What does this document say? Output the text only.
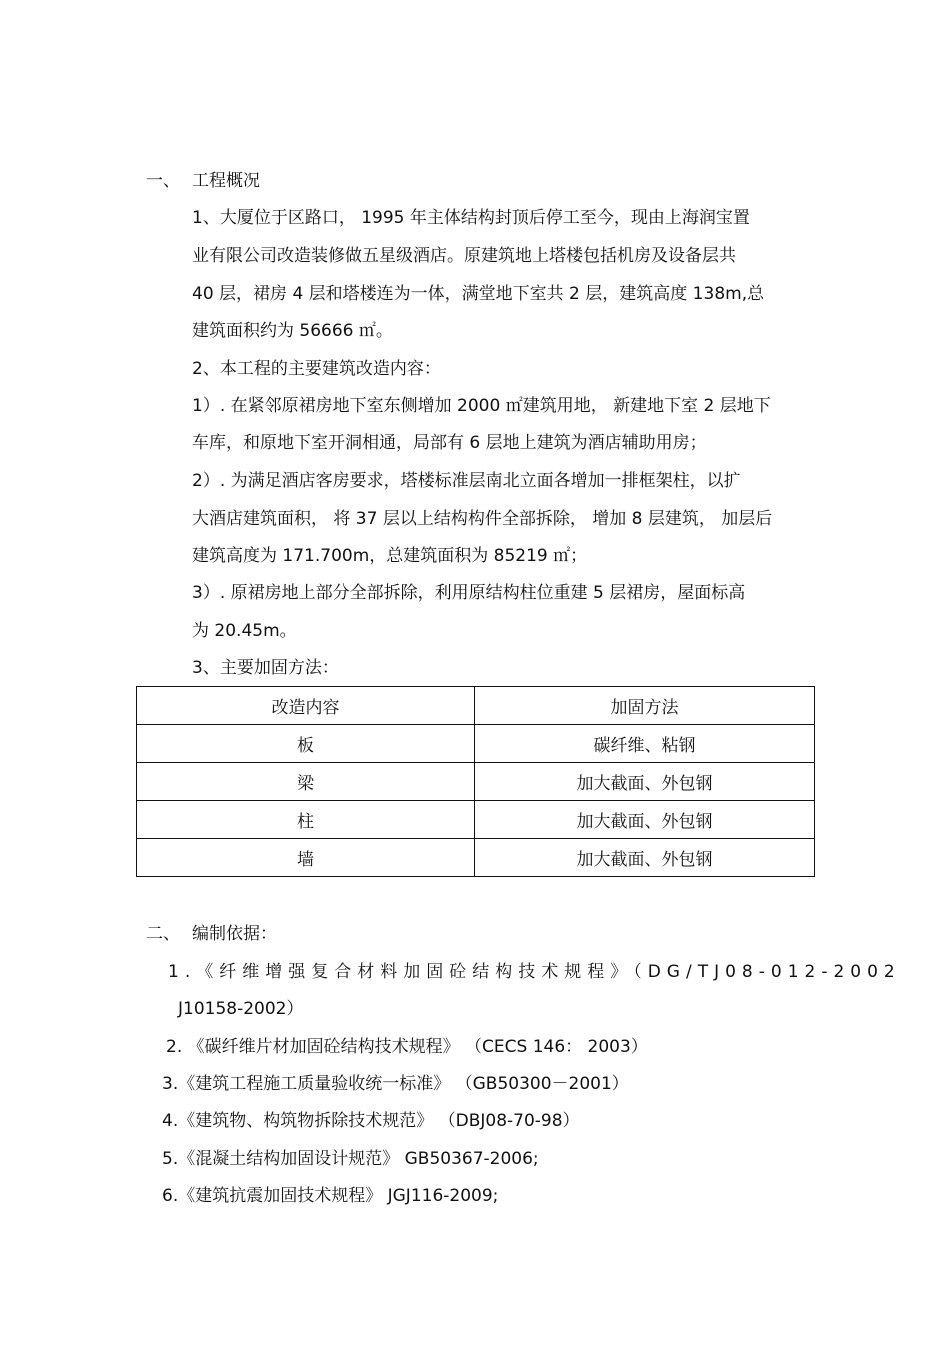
一、 工程概况
1、大厦位于区路口， 1995 年主体结构封顶后停工至今，现由上海润宝置
业有限公司改造装修做五星级酒店。原建筑地上塔楼包括机房及设备层共
40 层，裙房 4 层和塔楼连为一体，满堂地下室共 2 层，建筑高度 138m,总
建筑面积约为 56666 ㎡。
2、本工程的主要建筑改造内容：
1）. 在紧邻原裙房地下室东侧增加 2000 ㎡建筑用地， 新建地下室 2 层地下
车库，和原地下室开洞相通，局部有 6 层地上建筑为酒店辅助用房；
2）. 为满足酒店客房要求，塔楼标准层南北立面各增加一排框架柱，以扩
大酒店建筑面积， 将 37 层以上结构构件全部拆除， 增加 8 层建筑， 加层后
建筑高度为 171.700m，总建筑面积为 85219 ㎡；
3）. 原裙房地上部分全部拆除，利用原结构柱位重建 5 层裙房，屋面标高
为 20.45m。
3、主要加固方法：
改造内容	加固方法
板	碳纤维、粘钢
梁	加大截面、外包钢
柱	加大截面、外包钢
墙	加大截面、外包钢
二、 编制依据：
1.《纤维增强复合材料加固砼结构技术规程》（DG/TJ08-012-2002
J10158-2002）
2. 《碳纤维片材加固砼结构技术规程》 （CECS 146： 2003）
3.《建筑工程施工质量验收统一标准》 （GB50300－2001）
4.《建筑物、构筑物拆除技术规范》 （DBJ08-70-98）
5.《混凝土结构加固设计规范》 GB50367-2006;
6.《建筑抗震加固技术规程》 JGJ116-2009;
